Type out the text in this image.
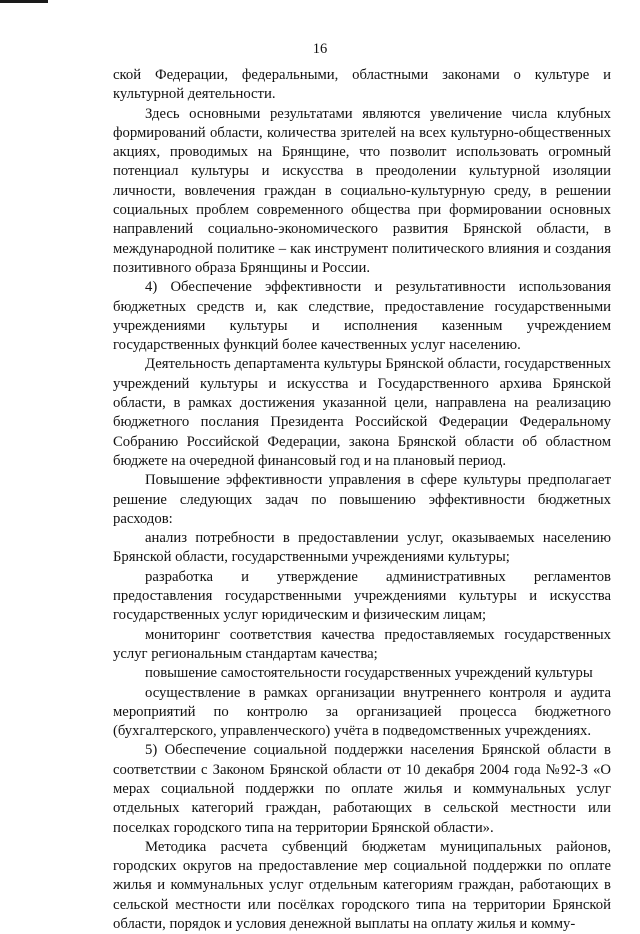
16

ской Федерации, федеральными, областными законами о культуре и культурной деятельности.

Здесь основными результатами являются увеличение числа клубных формирований области, количества зрителей на всех культурно-общественных акциях, проводимых на Брянщине, что позволит использовать огромный потенциал культуры и искусства в преодолении культурной изоляции личности, вовлечения граждан в социально-культурную среду, в решении социальных проблем современного общества при формировании основных направлений социально-экономического развития Брянской области, в международной политике – как инструмент политического влияния и создания позитивного образа Брянщины и России.

4) Обеспечение эффективности и результативности использования бюджетных средств и, как следствие, предоставление государственными учреждениями культуры и исполнения казенным учреждением государственных функций более качественных услуг населению.

Деятельность департамента культуры Брянской области, государственных учреждений культуры и искусства и Государственного архива Брянской области, в рамках достижения указанной цели, направлена на реализацию бюджетного послания Президента Российской Федерации Федеральному Собранию Российской Федерации, закона Брянской области об областном бюджете на очередной финансовый год и на плановый период.

Повышение эффективности управления в сфере культуры предполагает решение следующих задач по повышению эффективности бюджетных расходов:

анализ потребности в предоставлении услуг, оказываемых населению Брянской области, государственными учреждениями культуры;

разработка и утверждение административных регламентов предоставления государственными учреждениями культуры и искусства государственных услуг юридическим и физическим лицам;

мониторинг соответствия качества предоставляемых государственных услуг региональным стандартам качества;

повышение самостоятельности государственных учреждений культуры

осуществление в рамках организации внутреннего контроля и аудита мероприятий по контролю за организацией процесса бюджетного (бухгалтерского, управленческого) учёта в подведомственных учреждениях.

5) Обеспечение социальной поддержки населения Брянской области в соответствии с Законом Брянской области от 10 декабря 2004 года №92-З «О мерах социальной поддержки по оплате жилья и коммунальных услуг отдельных категорий граждан, работающих в сельской местности или поселках городского типа на территории Брянской области».

Методика расчета субвенций бюджетам муниципальных районов, городских округов на предоставление мер социальной поддержки по оплате жилья и коммунальных услуг отдельным категориям граждан, работающих в сельской местности или посёлках городского типа на территории Брянской области, порядок и условия денежной выплаты на оплату жилья и комму-
